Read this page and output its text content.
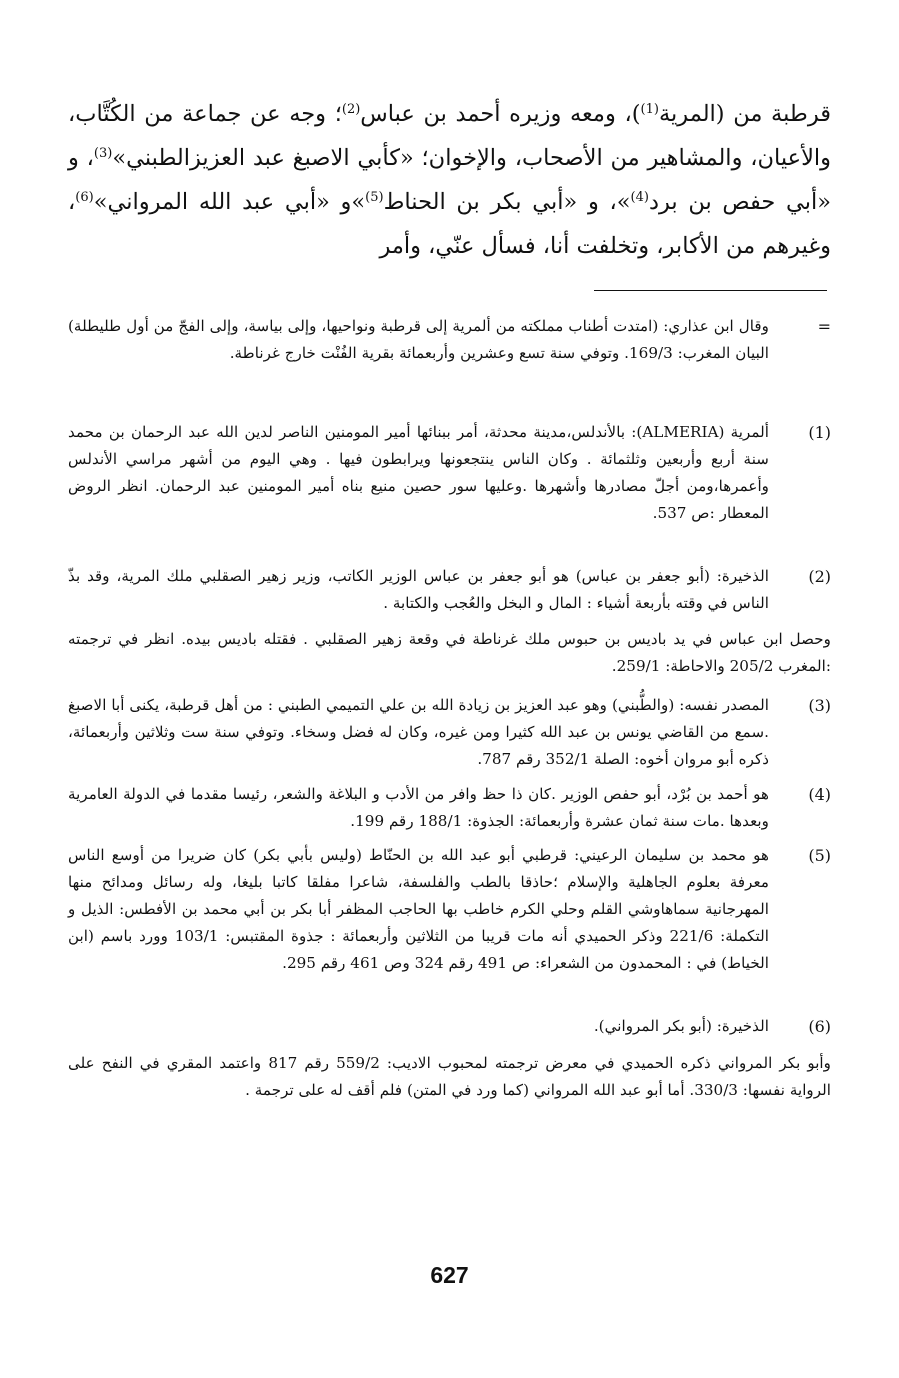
قرطبة من (المرية$^{(1)}$)، ومعه وزيره أحمد بن عباس$^{(2)}$؛ وجه عن جماعة من الكُتَّاب، والأعيان، والمشاهير من الأصحاب، والإخوان؛ «كأبي الاصبغ عبد العزيزالطبني»$^{(3)}$، و «أبي حفص بن برد$^{(4)}$»، و «أبي بكر بن الحناط$^{(5)}$»و «أبي عبد الله المرواني»$^{(6)}$، وغيرهم من الأكابر، وتخلفت أنا، فسأل عنّي، وأمر

=
وقال ابن عذاري: (امتدت أطناب مملكته من ألمرية إلى قرطبة ونواحيها، وإلى بياسة، وإلى الفجّ من أول طليطلة) البيان المغرب: 169/3. وتوفي سنة تسع وعشرين وأربعمائة بقرية الفُنْت خارج غرناطة.

(1)
ألمرية (ALMERIA): بالأندلس،مدينة محدثة، أمر ببنائها أمير المومنين الناصر لدين الله عبد الرحمان بن محمد سنة أربع وأربعين وثلثمائة . وكان الناس ينتجعونها ويرابطون فيها . وهي اليوم من أشهر مراسي الأندلس وأعمرها،ومن أجلّ مصادرها وأشهرها .وعليها سور حصين منيع بناه أمير المومنين عبد الرحمان. انظر الروض المعطار :ص 537.

(2)
الذخيرة: (أبو جعفر بن عباس) هو أبو جعفر بن عباس الوزير الكاتب، وزير زهير الصقلبي ملك المرية، وقد بذّ الناس في وقته بأربعة أشياء : المال و البخل والعُجب والكتابة .

وحصل ابن عباس في يد باديس بن حبوس ملك غرناطة في وقعة زهير الصقلبي . فقتله باديس بيده. انظر في ترجمته :المغرب 205/2 والاحاطة: 259/1.

(3)
المصدر نفسه: (والطُّبني) وهو عبد العزيز بن زيادة الله بن علي التميمي الطبني : من أهل قرطبة، يكنى أبا الاصبغ .سمع من القاضي يونس بن عبد الله كثيرا ومن غيره، وكان له فضل وسخاء. وتوفي سنة ست وثلاثين وأربعمائة، ذكره أبو مروان أخوه: الصلة 352/1 رقم 787.

(4)
هو أحمد بن بُرْد، أبو حفص الوزير .كان ذا حظ وافر من الأدب و البلاغة والشعر، رئيسا مقدما في الدولة العامرية وبعدها .مات سنة ثمان عشرة وأربعمائة: الجذوة: 188/1 رقم 199.

(5)
هو محمد بن سليمان الرعيني: قرطبي أبو عبد الله بن الحنّاط (وليس بأبي بكر) كان ضريرا من أوسع الناس معرفة بعلوم الجاهلية والإسلام ؛حاذقا بالطب والفلسفة، شاعرا مفلقا كاتبا بليغا، وله رسائل ومدائح منها المهرجانية سماهاوشي القلم وحلي الكرم خاطب بها الحاجب المظفر أبا بكر بن أبي محمد بن الأفطس: الذيل و التكملة: 221/6 وذكر الحميدي أنه مات قريبا من الثلاثين وأربعمائة : جذوة المقتبس: 103/1 وورد باسم (ابن الخياط) في : المحمدون من الشعراء: ص 491 رقم 324 وص 461 رقم 295.

(6)
الذخيرة: (أبو بكر المرواني).

وأبو بكر المرواني ذكره الحميدي في معرض ترجمته لمحبوب الاديب: 559/2 رقم 817 واعتمد المقري في النفح على الرواية نفسها: 330/3. أما أبو عبد الله المرواني (كما ورد في المتن) فلم أقف له على ترجمة .

627
